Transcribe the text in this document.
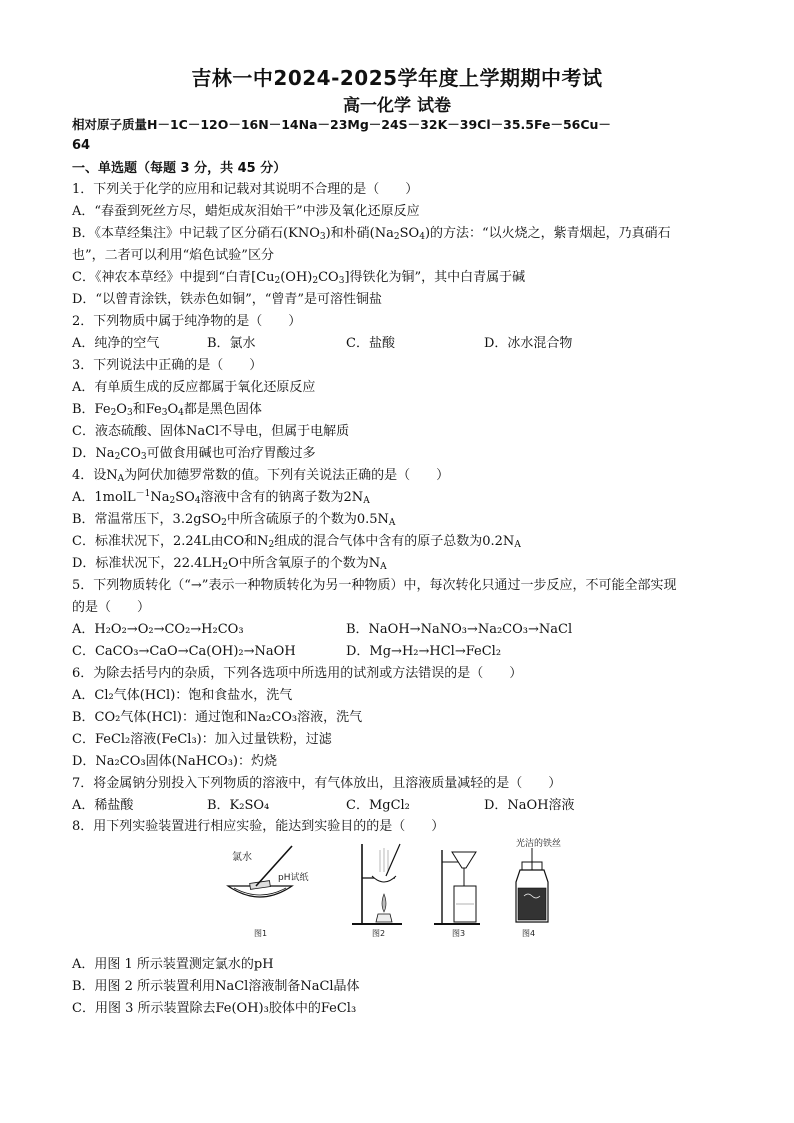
吉林一中2024-2025学年度上学期期中考试
高一化学 试卷
相对原子质量H－1C－12O－16N－14Na－23Mg－24S－32K－39Cl－35.5Fe－56Cu－
64
一、单选题（每题 3 分，共 45 分）
1．下列关于化学的应用和记载对其说明不合理的是（　　）
A．“春蚕到死丝方尽，蜡炬成灰泪始干”中涉及氧化还原反应
B．《本草经集注》中记载了区分硝石$(KNO_3)$和朴硝$(Na_2SO_4)$的方法：“以火烧之，紫青烟起，乃真硝石
也”，二者可以利用“焰色试验”区分
C．《神农本草经》中提到“白青$[Cu_2(OH)_2CO_3]$得铁化为铜”，其中白青属于碱
D．“以曾青涂铁，铁赤色如铜”，“曾青”是可溶性铜盐
2．下列物质中属于纯净物的是（　　）
A．纯净的空气	B．氯水	C．盐酸	D．冰水混合物
3．下列说法中正确的是（　　）
A．有单质生成的反应都属于氧化还原反应
B．$Fe_2O_3$和$Fe_3O_4$都是黑色固体
C．液态硫酸、固体NaCl不导电，但属于电解质
D．$Na_2CO_3$可做食用碱也可治疗胃酸过多
4．设$N_A$为阿伏加德罗常数的值。下列有关说法正确的是（　　）
A．$1molL^{-1}Na_2SO_4$溶液中含有的钠离子数为$2N_A$
B．常温常压下，3.2gSO$_2$中所含硫原子的个数为$0.5N_A$
C．标准状况下，2.24L由CO和$N_2$组成的混合气体中含有的原子总数为$0.2N_A$
D．标准状况下，$22.4LH_2O$中所含氧原子的个数为$N_A$
5．下列物质转化（“→”表示一种物质转化为另一种物质）中，每次转化只通过一步反应，不可能全部实现
的是（　　）
A．H₂O₂→O₂→CO₂→H₂CO₃	B．NaOH→NaNO₃→Na₂CO₃→NaCl
C．CaCO₃→CaO→Ca(OH)₂→NaOH	D．Mg→H₂→HCl→FeCl₂
6．为除去括号内的杂质，下列各选项中所选用的试剂或方法错误的是（　　）
A．Cl₂气体(HCl)：饱和食盐水，洗气
B．CO₂气体(HCl)：通过饱和Na₂CO₃溶液，洗气
C．FeCl₂溶液(FeCl₃)：加入过量铁粉，过滤
D．Na₂CO₃固体(NaHCO₃)：灼烧
7．将金属钠分别投入下列物质的溶液中，有气体放出，且溶液质量减轻的是（　　）
A．稀盐酸	B．K₂SO₄	C．MgCl₂	D．NaOH溶液
8．用下列实验装置进行相应实验，能达到实验目的的是（　　）
氯水
pH试纸
图1	图2	图3
光洁的铁丝
图4
A．用图 1 所示装置测定氯水的pH
B．用图 2 所示装置利用NaCl溶液制备NaCl晶体
C．用图 3 所示装置除去Fe(OH)₃胶体中的FeCl₃
